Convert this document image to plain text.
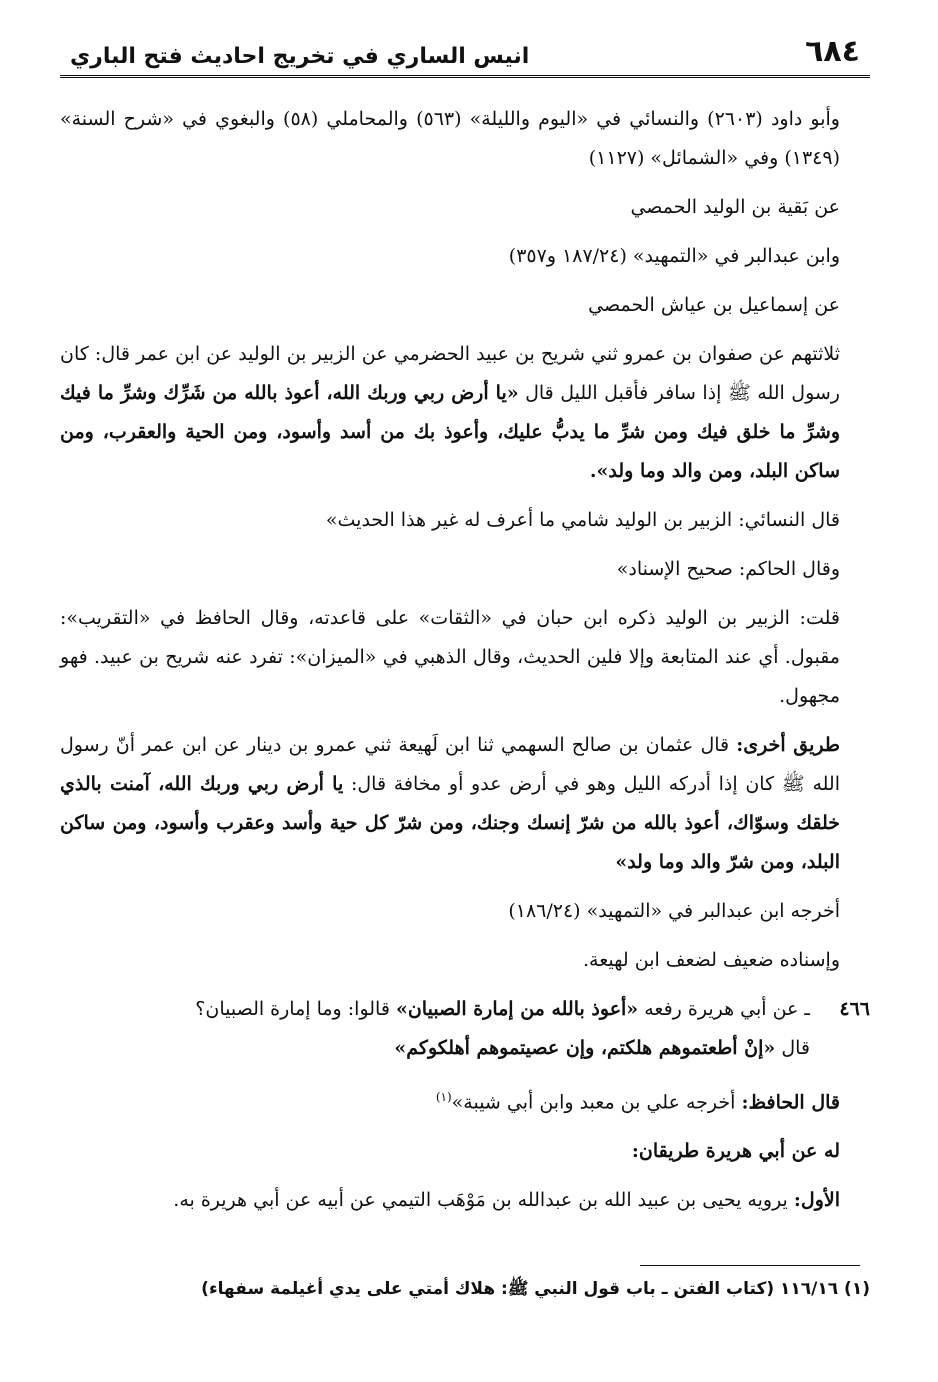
٦٨٤
انيس الساري في تخريج احاديث فتح الباري

وأبو داود (٢٦٠٣) والنسائي في «اليوم والليلة» (٥٦٣) والمحاملي (٥٨) والبغوي في «شرح السنة» (١٣٤٩) وفي «الشمائل» (١١٢٧)

عن بَقية بن الوليد الحمصي

وابن عبدالبر في «التمهيد» (١٨٧/٢٤ و٣٥٧)

عن إسماعيل بن عياش الحمصي

ثلاثتهم عن صفوان بن عمرو ثني شريح بن عبيد الحضرمي عن الزبير بن الوليد عن ابن عمر قال: كان رسول الله ﷺ إذا سافر فأقبل الليل قال «يا أرض ربي وربك الله، أعوذ بالله من شَرِّك وشرِّ ما فيك وشرِّ ما خلق فيك ومن شرِّ ما يدبُّ عليك، وأعوذ بك من أسد وأسود، ومن الحية والعقرب، ومن ساكن البلد، ومن والد وما ولد».

قال النسائي: الزبير بن الوليد شامي ما أعرف له غير هذا الحديث»

وقال الحاكم: صحيح الإسناد»

قلت: الزبير بن الوليد ذكره ابن حبان في «الثقات» على قاعدته، وقال الحافظ في «التقريب»: مقبول. أي عند المتابعة وإلا فلين الحديث، وقال الذهبي في «الميزان»: تفرد عنه شريح بن عبيد. فهو مجهول.

طريق أخرى: قال عثمان بن صالح السهمي ثنا ابن لَهيعة ثني عمرو بن دينار عن ابن عمر أنّ رسول الله ﷺ كان إذا أدركه الليل وهو في أرض عدو أو مخافة قال: يا أرض ربي وربك الله، آمنت بالذي خلقك وسوّاك، أعوذ بالله من شرّ إنسك وجنك، ومن شرّ كل حية وأسد وعقرب وأسود، ومن ساكن البلد، ومن شرّ والد وما ولد»

أخرجه ابن عبدالبر في «التمهيد» (١٨٦/٢٤)

وإسناده ضعيف لضعف ابن لهيعة.

٤٦٦
ـ عن أبي هريرة رفعه «أعوذ بالله من إمارة الصبيان» قالوا: وما إمارة الصبيان؟
قال «إنْ أطعتموهم هلكتم، وإن عصيتموهم أهلكوكم»

قال الحافظ: أخرجه علي بن معبد وابن أبي شيبة»$^{(١)}$

له عن أبي هريرة طريقان:

الأول: يرويه يحيى بن عبيد الله بن عبدالله بن مَوْهَب التيمي عن أبيه عن أبي هريرة به.

(١) ١١٦/١٦ (كتاب الفتن ـ باب قول النبي ﷺ: هلاك أمتي على يدي أغيلمة سفهاء)
